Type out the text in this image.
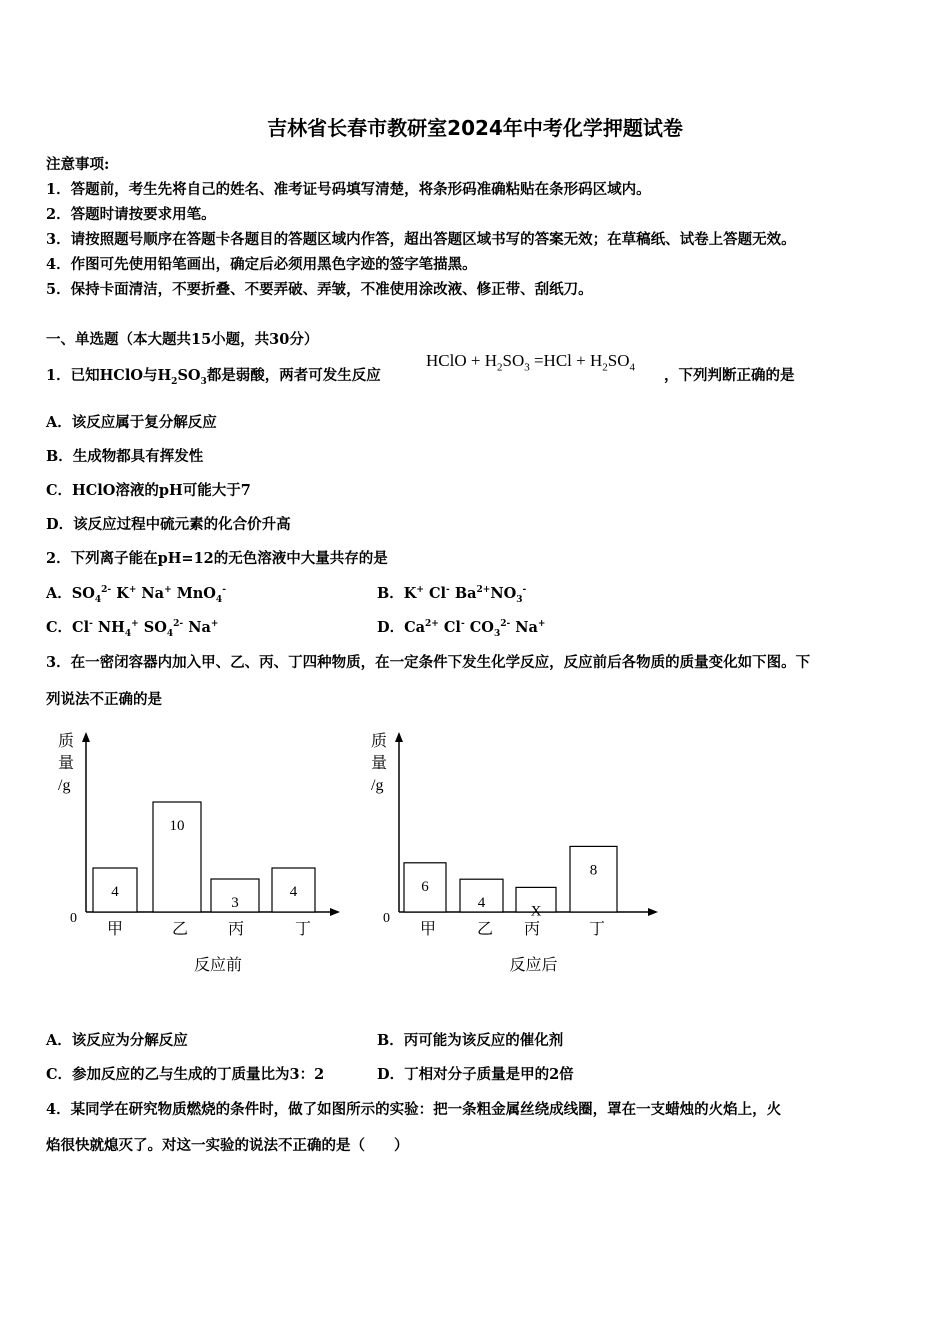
吉林省长春市教研室2024年中考化学押题试卷
注意事项:
1．答题前，考生先将自己的姓名、准考证号码填写清楚，将条形码准确粘贴在条形码区域内。
2．答题时请按要求用笔。
3．请按照题号顺序在答题卡各题目的答题区域内作答，超出答题区域书写的答案无效；在草稿纸、试卷上答题无效。
4．作图可先使用铅笔画出，确定后必须用黑色字迹的签字笔描黑。
5．保持卡面清洁，不要折叠、不要弄破、弄皱，不准使用涂改液、修正带、刮纸刀。
一、单选题（本大题共15小题，共30分）
1．已知HClO与$H_2SO_3$都是弱酸，两者可发生反应
HClO + $H_2SO_3 =HCl + H_2SO_4$ ，下列判断正确的是
A．该反应属于复分解反应
B．生成物都具有挥发性
C．HClO溶液的pH可能大于7
D．该反应过程中硫元素的化合价升高
2．下列离子能在pH=12的无色溶液中大量共存的是
A．$SO_4^{2-}$ K+ Na+ MnO$_4$-	B．K+ Cl- $Ba^{2+}NO_3^-$
C．Cl- $NH_4^+$ $SO_4^{2-}$ Na+	D．$Ca^{2+}$ Cl- $CO_3^{2-}$ Na+
3．在一密闭容器内加入甲、乙、丙、丁四种物质，在一定条件下发生化学反应，反应前后各物质的质量变化如下图。下
列说法不正确的是
质
量
/g
0
4
甲
10
乙
3
丙
4
丁
反应前
质
量
/g
0
6
甲
4
乙
X
丙
8
丁
反应后
A．该反应为分解反应	B．丙可能为该反应的催化剂
C．参加反应的乙与生成的丁质量比为3：2	D．丁相对分子质量是甲的2倍
4．某同学在研究物质燃烧的条件时，做了如图所示的实验：把一条粗金属丝绕成线圈，罩在一支蜡烛的火焰上，火
焰很快就熄灭了。对这一实验的说法不正确的是（　　）
